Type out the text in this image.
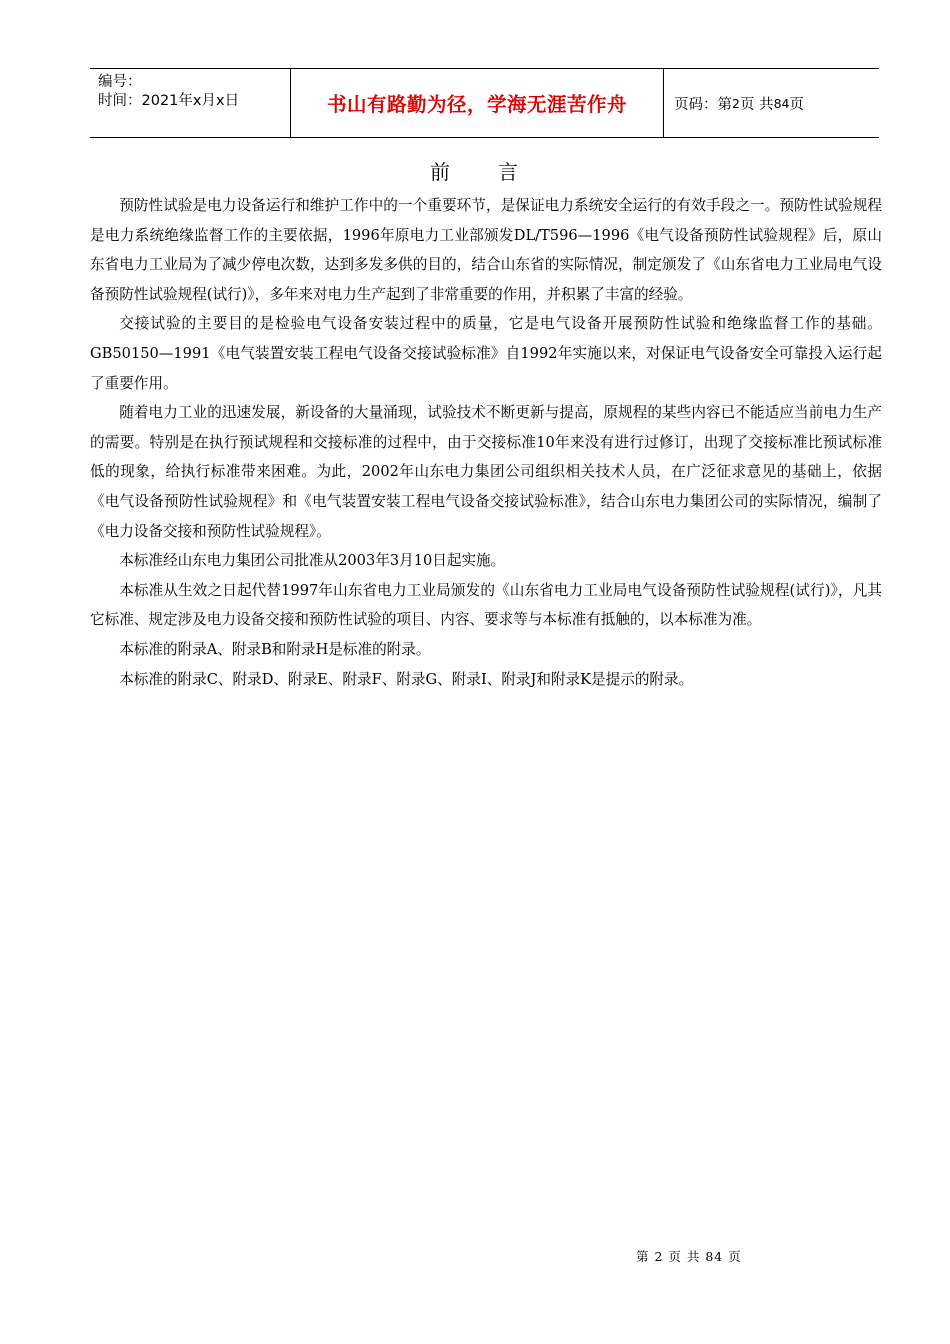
编号：
时间：2021年x月x日	书山有路勤为径，学海无涯苦作舟	页码：第 2 页 共 84 页
前 言

预防性试验是电力设备运行和维护工作中的一个重要环节，是保证电力系统安全运行的有效手段之一。预防性试验规程是电力系统绝缘监督工作的主要依据，1996年原电力工业部颁发DL/T596—1996《电气设备预防性试验规程》后，原山东省电力工业局为了减少停电次数，达到多发多供的目的，结合山东省的实际情况，制定颁发了《山东省电力工业局电气设备预防性试验规程(试行)》，多年来对电力生产起到了非常重要的作用，并积累了丰富的经验。

交接试验的主要目的是检验电气设备安装过程中的质量，它是电气设备开展预防性试验和绝缘监督工作的基础。GB50150—1991《电气装置安装工程电气设备交接试验标准》自1992年实施以来，对保证电气设备安全可靠投入运行起了重要作用。

随着电力工业的迅速发展，新设备的大量涌现，试验技术不断更新与提高，原规程的某些内容已不能适应当前电力生产的需要。特别是在执行预试规程和交接标准的过程中，由于交接标准10年来没有进行过修订，出现了交接标准比预试标准低的现象，给执行标准带来困难。为此，2002年山东电力集团公司组织相关技术人员，在广泛征求意见的基础上，依据《电气设备预防性试验规程》和《电气装置安装工程电气设备交接试验标准》，结合山东电力集团公司的实际情况，编制了《电力设备交接和预防性试验规程》。

本标准经山东电力集团公司批准从2003年3月10日起实施。

本标准从生效之日起代替1997年山东省电力工业局颁发的《山东省电力工业局电气设备预防性试验规程(试行)》，凡其它标准、规定涉及电力设备交接和预防性试验的项目、内容、要求等与本标准有抵触的，以本标准为准。

本标准的附录A、附录B和附录H是标准的附录。

本标准的附录C、附录D、附录E、附录F、附录G、附录I、附录J和附录K是提示的附录。

第 2 页 共 84 页
